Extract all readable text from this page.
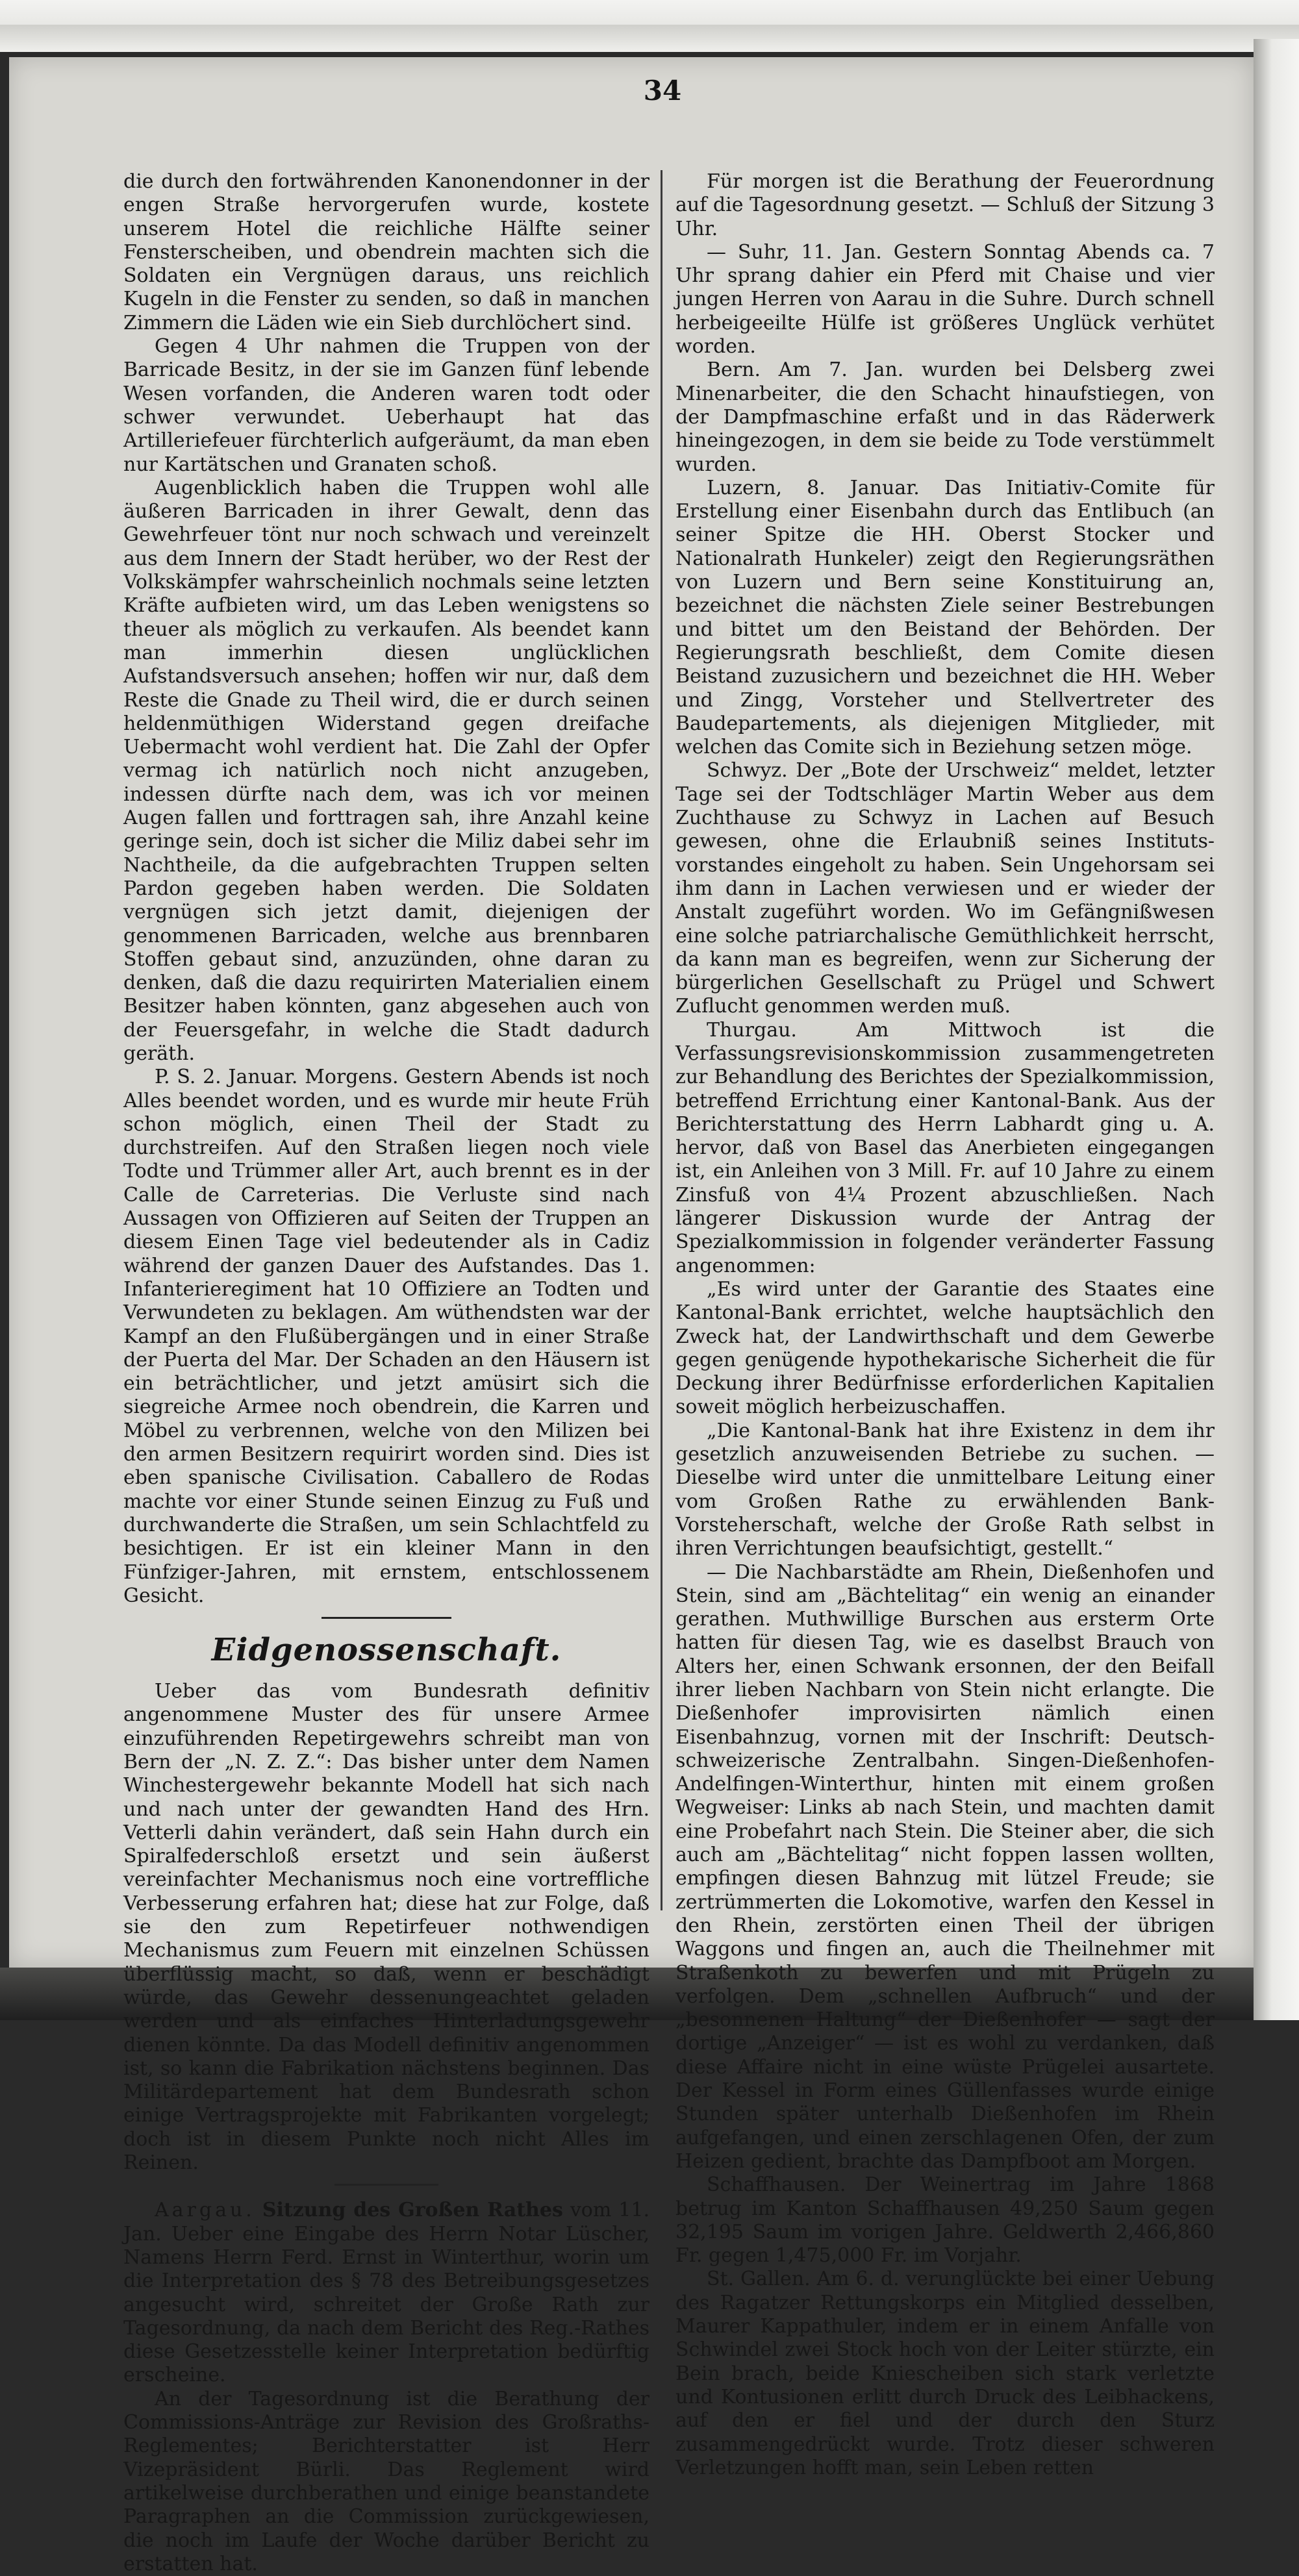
34

die durch den fortwährenden Kanonendonner in der engen Straße hervorgerufen wurde, kostete unserem Hotel die reichliche Hälfte seiner Fensterscheiben, und obendrein machten sich die Soldaten ein Vergnügen daraus, uns reichlich Kugeln in die Fenster zu senden, so daß in manchen Zimmern die Läden wie ein Sieb durchlöchert sind.

Gegen 4 Uhr nahmen die Truppen von der Barricade Besitz, in der sie im Ganzen fünf lebende Wesen vorfanden, die Anderen waren todt oder schwer verwundet. Ueberhaupt hat das Artilleriefeuer fürchterlich aufgeräumt, da man eben nur Kartätschen und Granaten schoß.

Augenblicklich haben die Truppen wohl alle äußeren Barricaden in ihrer Gewalt, denn das Gewehrfeuer tönt nur noch schwach und vereinzelt aus dem Innern der Stadt herüber, wo der Rest der Volkskämpfer wahrscheinlich nochmals seine letzten Kräfte aufbieten wird, um das Leben wenigstens so theuer als möglich zu verkaufen. Als beendet kann man immerhin diesen unglücklichen Aufstandsversuch ansehen; hoffen wir nur, daß dem Reste die Gnade zu Theil wird, die er durch seinen heldenmüthigen Widerstand gegen dreifache Uebermacht wohl verdient hat. Die Zahl der Opfer vermag ich natürlich noch nicht anzugeben, indessen dürfte nach dem, was ich vor meinen Augen fallen und forttragen sah, ihre Anzahl keine geringe sein, doch ist sicher die Miliz dabei sehr im Nachtheile, da die aufgebrachten Truppen selten Pardon gegeben haben werden. Die Soldaten vergnügen sich jetzt damit, diejenigen der genommenen Barricaden, welche aus brennbaren Stoffen gebaut sind, anzuzünden, ohne daran zu denken, daß die dazu requirirten Materialien einem Besitzer haben könnten, ganz abgesehen auch von der Feuersgefahr, in welche die Stadt dadurch geräth.

P. S. 2. Januar. Morgens. Gestern Abends ist noch Alles beendet worden, und es wurde mir heute Früh schon möglich, einen Theil der Stadt zu durchstreifen. Auf den Straßen liegen noch viele Todte und Trümmer aller Art, auch brennt es in der Calle de Carreterias. Die Verluste sind nach Aussagen von Offizieren auf Seiten der Truppen an diesem Einen Tage viel bedeutender als in Cadiz während der ganzen Dauer des Aufstandes. Das 1. Infanterieregiment hat 10 Offiziere an Todten und Verwundeten zu beklagen. Am wüthendsten war der Kampf an den Flußübergängen und in einer Straße der Puerta del Mar. Der Schaden an den Häusern ist ein beträchtlicher, und jetzt amüsirt sich die siegreiche Armee noch obendrein, die Karren und Möbel zu verbrennen, welche von den Milizen bei den armen Besitzern requirirt worden sind. Dies ist eben spanische Civilisation. Caballero de Rodas machte vor einer Stunde seinen Einzug zu Fuß und durchwanderte die Straßen, um sein Schlachtfeld zu besichtigen. Er ist ein kleiner Mann in den Fünfziger-Jahren, mit ernstem, entschlossenem Gesicht.

Eidgenossenschaft.

Ueber das vom Bundesrath definitiv angenommene Muster des für unsere Armee einzuführenden Repetirgewehrs schreibt man von Bern der „N. Z. Z.“: Das bisher unter dem Namen Winchestergewehr bekannte Modell hat sich nach und nach unter der gewandten Hand des Hrn. Vetterli dahin verändert, daß sein Hahn durch ein Spiralfederschloß ersetzt und sein äußerst vereinfachter Mechanismus noch eine vortreffliche Verbesserung erfahren hat; diese hat zur Folge, daß sie den zum Repetirfeuer nothwendigen Mechanismus zum Feuern mit einzelnen Schüssen überflüssig macht, so daß, wenn er beschädigt würde, das Gewehr dessenungeachtet geladen werden und als einfaches Hinterladungsgewehr dienen könnte. Da das Modell definitiv angenommen ist, so kann die Fabrikation nächstens beginnen. Das Militärdepartement hat dem Bundesrath schon einige Vertragsprojekte mit Fabrikanten vorgelegt; doch ist in diesem Punkte noch nicht Alles im Reinen.

Aargau. Sitzung des Großen Rathes vom 11. Jan. Ueber eine Eingabe des Herrn Notar Lüscher, Namens Herrn Ferd. Ernst in Winterthur, worin um die Interpretation des § 78 des Betreibungsgesetzes angesucht wird, schreitet der Große Rath zur Tagesordnung, da nach dem Bericht des Reg.-Rathes diese Gesetzesstelle keiner Interpretation bedürftig erscheine.

An der Tagesordnung ist die Berathung der Commissions-Anträge zur Revision des Großraths-Reglementes; Berichterstatter ist Herr Vizepräsident Bürli. Das Reglement wird artikelweise durchberathen und einige beanstandete Paragraphen an die Commission zurückgewiesen, die noch im Laufe der Woche darüber Bericht zu erstatten hat.

Für morgen ist die Berathung der Feuerordnung auf die Tagesordnung gesetzt. — Schluß der Sitzung 3 Uhr.

— Suhr, 11. Jan. Gestern Sonntag Abends ca. 7 Uhr sprang dahier ein Pferd mit Chaise und vier jungen Herren von Aarau in die Suhre. Durch schnell herbeigeeilte Hülfe ist größeres Unglück verhütet worden.

Bern. Am 7. Jan. wurden bei Delsberg zwei Minenarbeiter, die den Schacht hinaufstiegen, von der Dampfmaschine erfaßt und in das Räderwerk hineingezogen, in dem sie beide zu Tode verstümmelt wurden.

Luzern, 8. Januar. Das Initiativ-Comite für Erstellung einer Eisenbahn durch das Entlibuch (an seiner Spitze die HH. Oberst Stocker und Nationalrath Hunkeler) zeigt den Regierungsräthen von Luzern und Bern seine Konstituirung an, bezeichnet die nächsten Ziele seiner Bestrebungen und bittet um den Beistand der Behörden. Der Regierungsrath beschließt, dem Comite diesen Beistand zuzusichern und bezeichnet die HH. Weber und Zingg, Vorsteher und Stellvertreter des Baudepartements, als diejenigen Mitglieder, mit welchen das Comite sich in Beziehung setzen möge.

Schwyz. Der „Bote der Urschweiz“ meldet, letzter Tage sei der Todtschläger Martin Weber aus dem Zuchthause zu Schwyz in Lachen auf Besuch gewesen, ohne die Erlaubniß seines Instituts-vorstandes eingeholt zu haben. Sein Ungehorsam sei ihm dann in Lachen verwiesen und er wieder der Anstalt zugeführt worden. Wo im Gefängnißwesen eine solche patriarchalische Gemüthlichkeit herrscht, da kann man es begreifen, wenn zur Sicherung der bürgerlichen Gesellschaft zu Prügel und Schwert Zuflucht genommen werden muß.

Thurgau. Am Mittwoch ist die Verfassungsrevisionskommission zusammengetreten zur Behandlung des Berichtes der Spezialkommission, betreffend Errichtung einer Kantonal-Bank. Aus der Berichterstattung des Herrn Labhardt ging u. A. hervor, daß von Basel das Anerbieten eingegangen ist, ein Anleihen von 3 Mill. Fr. auf 10 Jahre zu einem Zinsfuß von 4¼ Prozent abzuschließen. Nach längerer Diskussion wurde der Antrag der Spezialkommission in folgender veränderter Fassung angenommen:

„Es wird unter der Garantie des Staates eine Kantonal-Bank errichtet, welche hauptsächlich den Zweck hat, der Landwirthschaft und dem Gewerbe gegen genügende hypothekarische Sicherheit die für Deckung ihrer Bedürfnisse erforderlichen Kapitalien soweit möglich herbeizuschaffen.

„Die Kantonal-Bank hat ihre Existenz in dem ihr gesetzlich anzuweisenden Betriebe zu suchen. — Dieselbe wird unter die unmittelbare Leitung einer vom Großen Rathe zu erwählenden Bank-Vorsteherschaft, welche der Große Rath selbst in ihren Verrichtungen beaufsichtigt, gestellt.“

— Die Nachbarstädte am Rhein, Dießenhofen und Stein, sind am „Bächtelitag“ ein wenig an einander gerathen. Muthwillige Burschen aus ersterm Orte hatten für diesen Tag, wie es daselbst Brauch von Alters her, einen Schwank ersonnen, der den Beifall ihrer lieben Nachbarn von Stein nicht erlangte. Die Dießenhofer improvisirten nämlich einen Eisenbahnzug, vornen mit der Inschrift: Deutsch-schweizerische Zentralbahn. Singen-Dießenhofen-Andelfingen-Winterthur, hinten mit einem großen Wegweiser: Links ab nach Stein, und machten damit eine Probefahrt nach Stein. Die Steiner aber, die sich auch am „Bächtelitag“ nicht foppen lassen wollten, empfingen diesen Bahnzug mit lützel Freude; sie zertrümmerten die Lokomotive, warfen den Kessel in den Rhein, zerstörten einen Theil der übrigen Waggons und fingen an, auch die Theilnehmer mit Straßenkoth zu bewerfen und mit Prügeln zu verfolgen. Dem „schnellen Aufbruch“ und der „besonnenen Haltung“ der Dießenhofer — sagt der dortige „Anzeiger“ — ist es wohl zu verdanken, daß diese Affaire nicht in eine wüste Prügelei ausartete. Der Kessel in Form eines Güllenfasses wurde einige Stunden später unterhalb Dießenhofen im Rhein aufgefangen, und einen zerschlagenen Ofen, der zum Heizen gedient, brachte das Dampfboot am Morgen.

Schaffhausen. Der Weinertrag im Jahre 1868 betrug im Kanton Schaffhausen 49,250 Saum gegen 32,195 Saum im vorigen Jahre. Geldwerth 2,466,860 Fr. gegen 1,475,000 Fr. im Vorjahr.

St. Gallen. Am 6. d. verunglückte bei einer Uebung des Ragatzer Rettungskorps ein Mitglied desselben, Maurer Kappathuler, indem er in einem Anfalle von Schwindel zwei Stock hoch von der Leiter stürzte, ein Bein brach, beide Kniescheiben sich stark verletzte und Kontusionen erlitt durch Druck des Leibhackens, auf den er fiel und der durch den Sturz zusammengedrückt wurde. Trotz dieser schweren Verletzungen hofft man, sein Leben retten
